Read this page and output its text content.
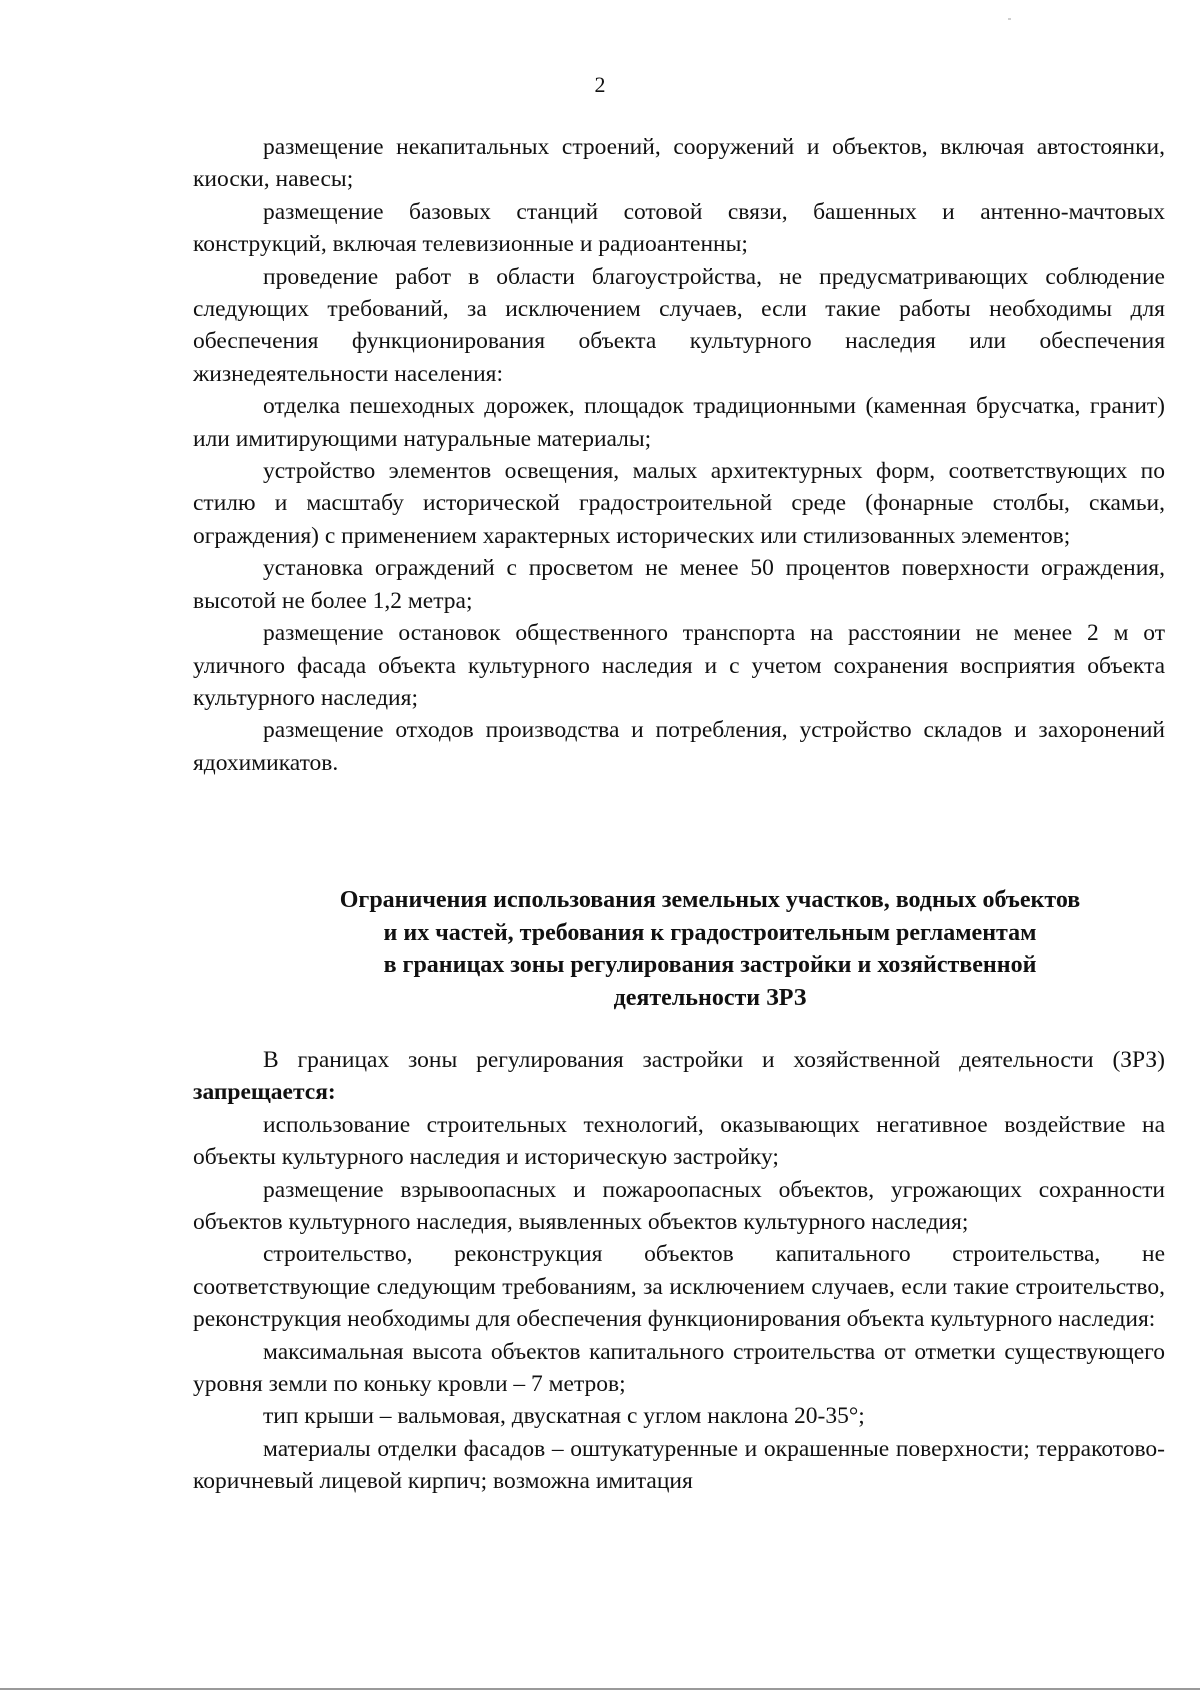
2

размещение некапитальных строений, сооружений и объектов, включая автостоянки, киоски, навесы;

размещение базовых станций сотовой связи, башенных и антенно-мачтовых конструкций, включая телевизионные и радиоантенны;

проведение работ в области благоустройства, не предусматривающих соблюдение следующих требований, за исключением случаев, если такие работы необходимы для обеспечения функционирования объекта культурного наследия или обеспечения жизнедеятельности населения:

отделка пешеходных дорожек, площадок традиционными (каменная брусчатка, гранит) или имитирующими натуральные материалы;

устройство элементов освещения, малых архитектурных форм, соответствующих по стилю и масштабу исторической градостроительной среде (фонарные столбы, скамьи, ограждения) с применением характерных исторических или стилизованных элементов;

установка ограждений с просветом не менее 50 процентов поверхности ограждения, высотой не более 1,2 метра;

размещение остановок общественного транспорта на расстоянии не менее 2 м от уличного фасада объекта культурного наследия и с учетом сохранения восприятия объекта культурного наследия;

размещение отходов производства и потребления, устройство складов и захоронений ядохимикатов.

Ограничения использования земельных участков, водных объектов
и их частей, требования к градостроительным регламентам
в границах зоны регулирования застройки и хозяйственной
деятельности ЗРЗ

В границах зоны регулирования застройки и хозяйственной деятельности (ЗРЗ) запрещается:

использование строительных технологий, оказывающих негативное воздействие на объекты культурного наследия и историческую застройку;

размещение взрывоопасных и пожароопасных объектов, угрожающих сохранности объектов культурного наследия, выявленных объектов культурного наследия;

строительство, реконструкция объектов капитального строительства, не соответствующие следующим требованиям, за исключением случаев, если такие строительство, реконструкция необходимы для обеспечения функционирования объекта культурного наследия:

максимальная высота объектов капитального строительства от отметки существующего уровня земли по коньку кровли – 7 метров;

тип крыши – вальмовая, двускатная с углом наклона 20-35°;

материалы отделки фасадов – оштукатуренные и окрашенные поверхности; терракотово-коричневый лицевой кирпич; возможна имитация
